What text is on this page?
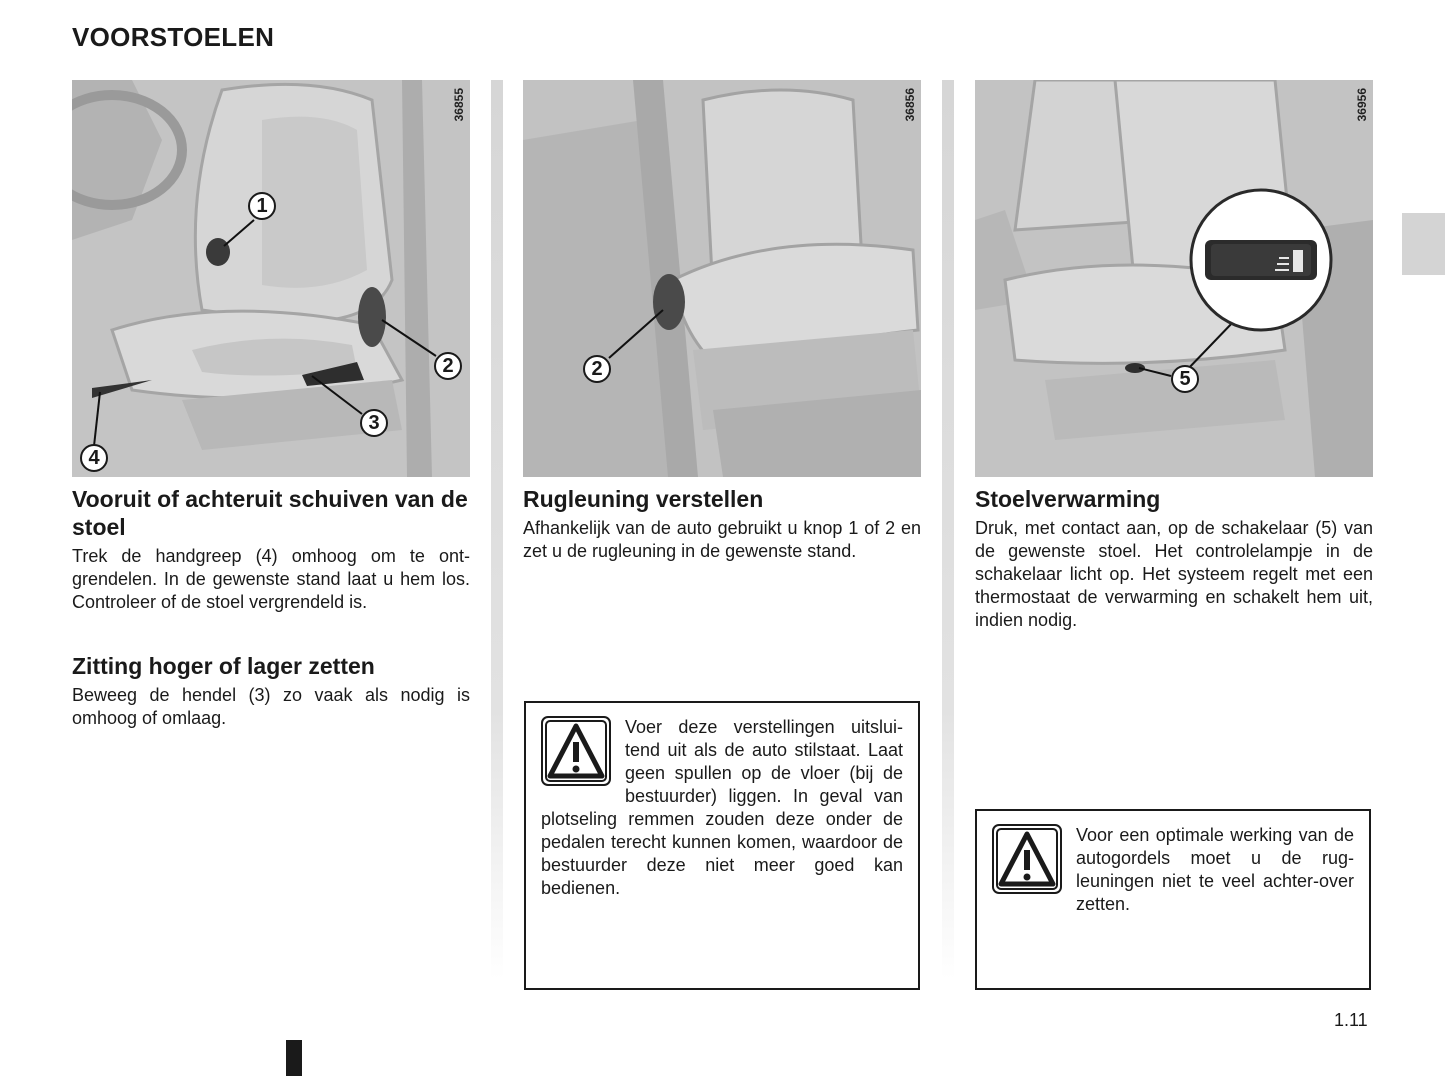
VOORSTOELEN
1.11
36855
1
2
3
4
Vooruit of achteruit schuiven van de stoel

Trek de handgreep (4) omhoog om te ont-grendelen. In de gewenste stand laat u hem los. Controleer of de stoel vergrendeld is.

Zitting hoger of lager zetten

Beweeg de hendel (3) zo vaak als nodig is omhoog of omlaag.

36856
2
Rugleuning verstellen

Afhankelijk van de auto gebruikt u knop 1 of 2 en zet u de rugleuning in de gewenste stand.

Voer deze verstellingen uitslui-tend uit als de auto stilstaat. Laat geen spullen op de vloer (bij de bestuurder) liggen. In geval van plotseling remmen zouden deze onder de pedalen terecht kunnen komen, waardoor de bestuurder deze niet meer goed kan bedienen.
36956
5
Stoelverwarming

Druk, met contact aan, op de schakelaar (5) van de gewenste stoel. Het controlelampje in de schakelaar licht op. Het systeem regelt met een thermostaat de verwarming en schakelt hem uit, indien nodig.

Voor een optimale werking van de autogordels moet u de rug-leuningen niet te veel achter-over zetten.
